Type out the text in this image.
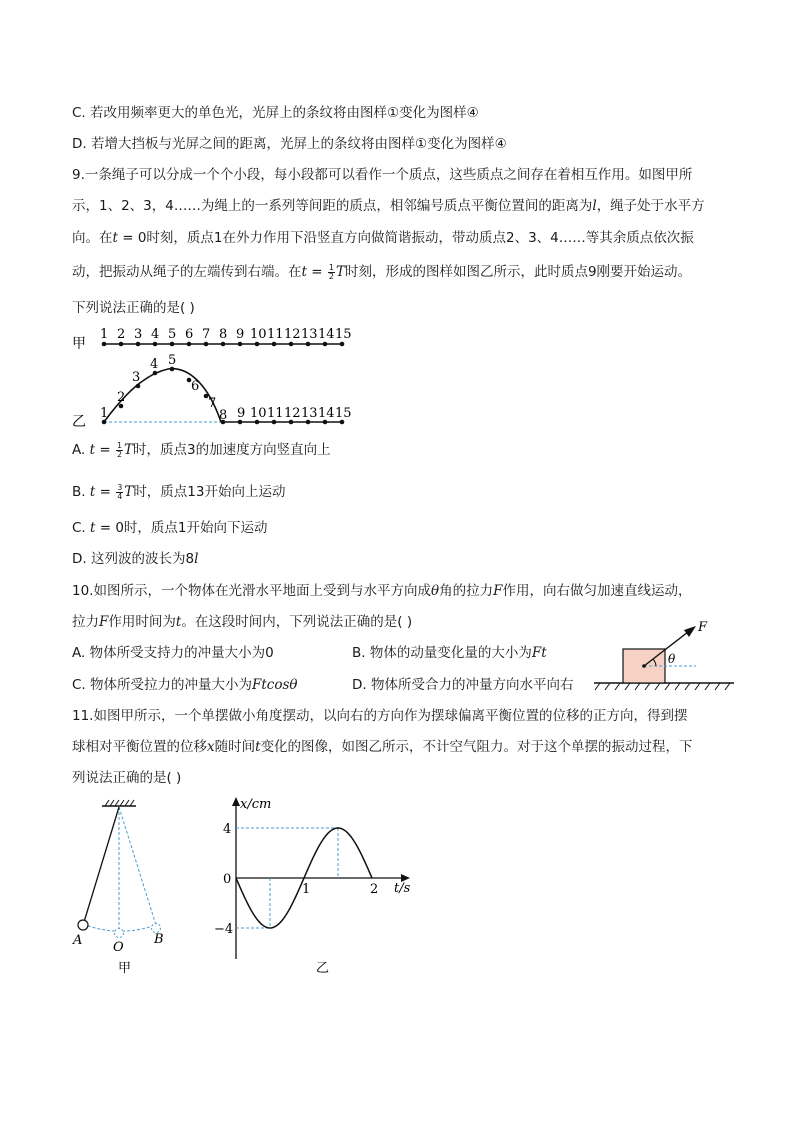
C. 若改用频率更大的单色光，光屏上的条纹将由图样①变化为图样④
D. 若增大挡板与光屏之间的距离，光屏上的条纹将由图样①变化为图样④
9.一条绳子可以分成一个个小段，每小段都可以看作一个质点，这些质点之间存在着相互作用。如图甲所
示，1、2、3，4……为绳上的一系列等间距的质点，相邻编号质点平衡位置间的距离为l，绳子处于水平方
向。在t = 0时刻，质点1在外力作用下沿竖直方向做简谐振动，带动质点2、3、4……等其余质点依次振
动，把振动从绳子的左端传到右端。在$t = \frac{1}{2}$ T时刻，形成的图样如图乙所示，此时质点9刚要开始运动。
下列说法正确的是( )
甲
1 2 3 4 5 6 7 8 9 10 11 12 13 14 15
乙
1
2
3
4 5
6
7
8 9 10 11 12 13 14 15
A. $t = \frac{1}{2}$ T时，质点3的加速度方向竖直向上
B. $t = \frac{3}{4}$ T时，质点13开始向上运动
C. t = 0时，质点1开始向下运动
D. 这列波的波长为8l
10.如图所示，一个物体在光滑水平地面上受到与水平方向成θ角的拉力F作用，向右做匀加速直线运动，
拉力F作用时间为t。在这段时间内，下列说法正确的是( )
A. 物体所受支持力的冲量大小为0	B. 物体的动量变化量的大小为Ft
C. 物体所受拉力的冲量大小为Ftcosθ	D. 物体所受合力的冲量方向水平向右
F
θ
11.如图甲所示，一个单摆做小角度摆动，以向右的方向作为摆球偏离平衡位置的位移的正方向，得到摆
球相对平衡位置的位移x随时间t变化的图像，如图乙所示，不计空气阻力。对于这个单摆的振动过程，下
列说法正确的是( )
A O
B
甲
x/cm
t/s
4
0
−4
1	2
乙
